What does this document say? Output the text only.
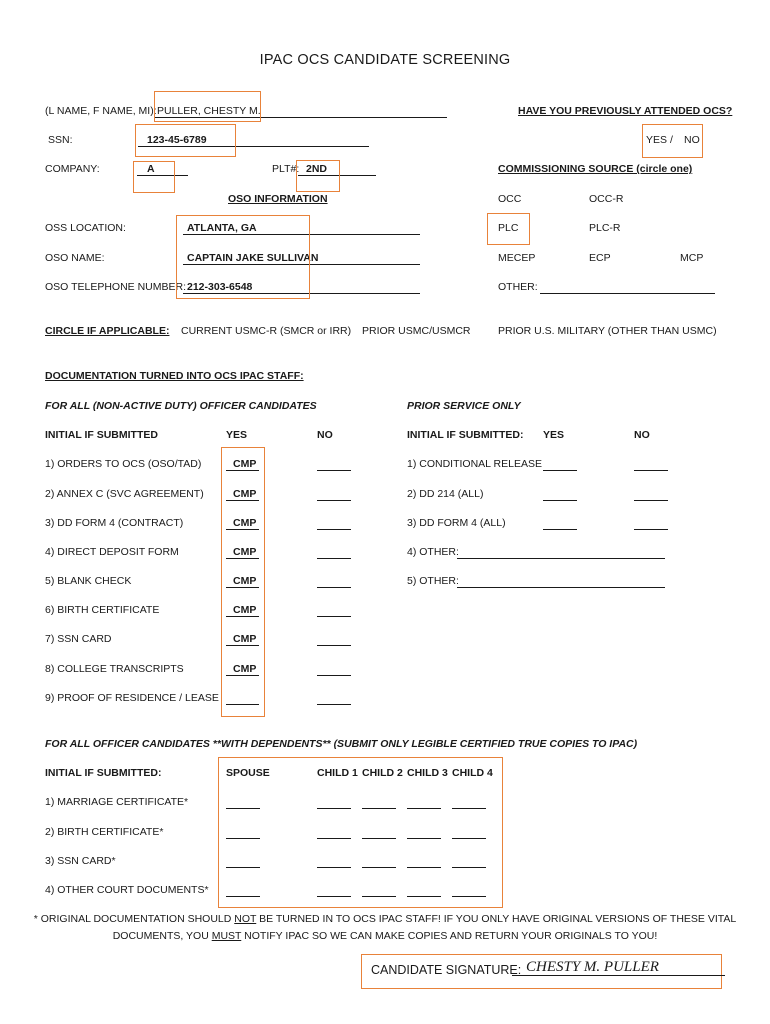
IPAC OCS CANDIDATE SCREENING
(L NAME, F NAME, MI): PULLER, CHESTY M.	HAVE YOU PREVIOUSLY ATTENDED OCS?
SSN:	123-45-6789	YES / NO
COMPANY:	A	PLT#: 2ND	COMMISSIONING SOURCE (circle one)
OSO INFORMATION	OCC	OCC-R
OSS LOCATION:	ATLANTA, GA	PLC	PLC-R
OSO NAME:	CAPTAIN JAKE SULLIVAN	MECEP	ECP	MCP
OSO TELEPHONE NUMBER: 212-303-6548	OTHER:
CIRCLE IF APPLICABLE: CURRENT USMC-R (SMCR or IRR) PRIOR USMC/USMCR	PRIOR U.S. MILITARY (OTHER THAN USMC)
DOCUMENTATION TURNED INTO OCS IPAC STAFF:
FOR ALL (NON-ACTIVE DUTY) OFFICER CANDIDATES	PRIOR SERVICE ONLY
INITIAL IF SUBMITTED	YES	NO	INITIAL IF SUBMITTED: YES	NO
1) ORDERS TO OCS (OSO/TAD)	CMP
2) ANNEX C (SVC AGREEMENT)	CMP
3) DD FORM 4 (CONTRACT)	CMP
4) DIRECT DEPOSIT FORM	CMP
5) BLANK CHECK	CMP
6) BIRTH CERTIFICATE	CMP
7) SSN CARD	CMP
8) COLLEGE TRANSCRIPTS	CMP
9) PROOF OF RESIDENCE / LEASE
1) CONDITIONAL RELEASE
2) DD 214 (ALL)
3) DD FORM 4 (ALL)
4) OTHER:
5) OTHER:
FOR ALL OFFICER CANDIDATES **WITH DEPENDENTS** (SUBMIT ONLY LEGIBLE CERTIFIED TRUE COPIES TO IPAC)
INITIAL IF SUBMITTED:	SPOUSE	CHILD 1 CHILD 2 CHILD 3 CHILD 4
1) MARRIAGE CERTIFICATE*
2) BIRTH CERTIFICATE*
3) SSN CARD*
4) OTHER COURT DOCUMENTS*
* ORIGINAL DOCUMENTATION SHOULD NOT BE TURNED IN TO OCS IPAC STAFF! IF YOU ONLY HAVE ORIGINAL VERSIONS OF THESE VITAL
DOCUMENTS, YOU MUST NOTIFY IPAC SO WE CAN MAKE COPIES AND RETURN YOUR ORIGINALS TO YOU!
CANDIDATE SIGNATURE: CHESTY M. PULLER
